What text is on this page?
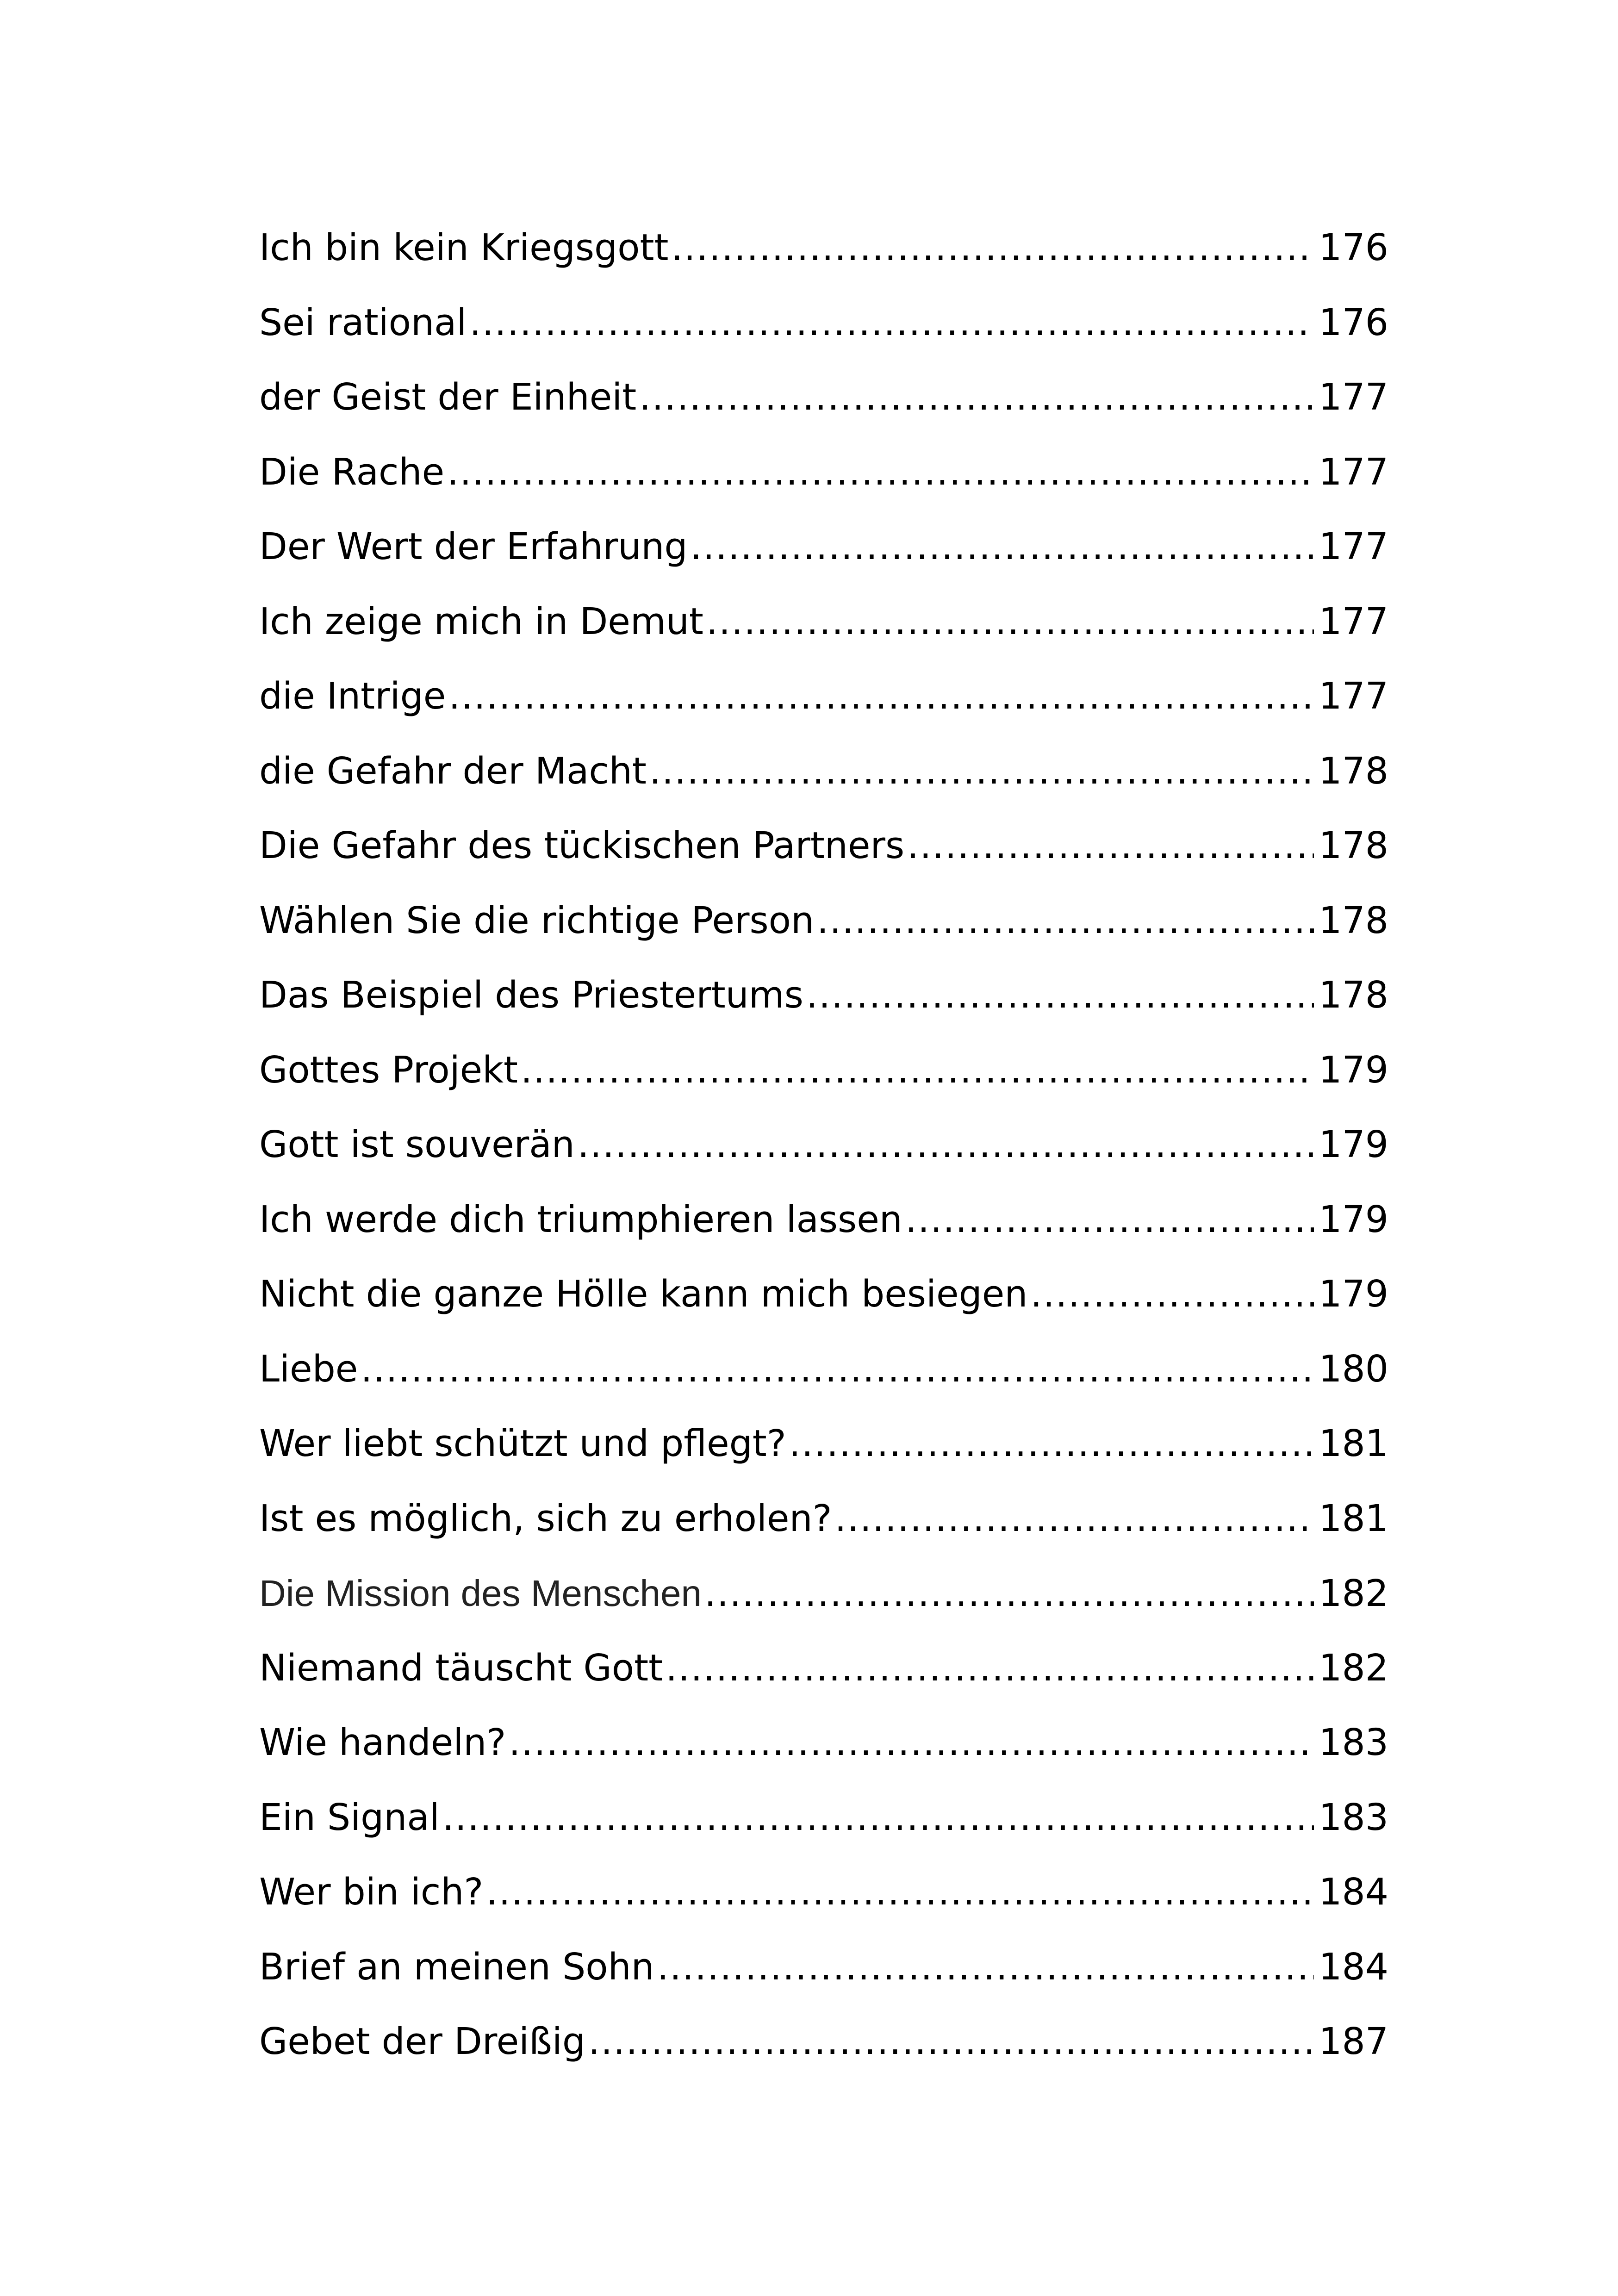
Ich bin kein Kriegsgott .....	176
Sei rational .....	176
der Geist der Einheit .....	177
Die Rache .....	177
Der Wert der Erfahrung .....	177
Ich zeige mich in Demut .....	177
die Intrige .....	177
die Gefahr der Macht .....	178
Die Gefahr des tückischen Partners .....	178
Wählen Sie die richtige Person .....	178
Das Beispiel des Priestertums .....	178
Gottes Projekt .....	179
Gott ist souverän .....	179
Ich werde dich triumphieren lassen .....	179
Nicht die ganze Hölle kann mich besiegen .....	179
Liebe .....	180
Wer liebt schützt und pflegt? .....	181
Ist es möglich, sich zu erholen? .....	181
Die Mission des Menschen .....	182
Niemand täuscht Gott .....	182
Wie handeln? .....	183
Ein Signal .....	183
Wer bin ich? .....	184
Brief an meinen Sohn .....	184
Gebet der Dreißig .....	187
